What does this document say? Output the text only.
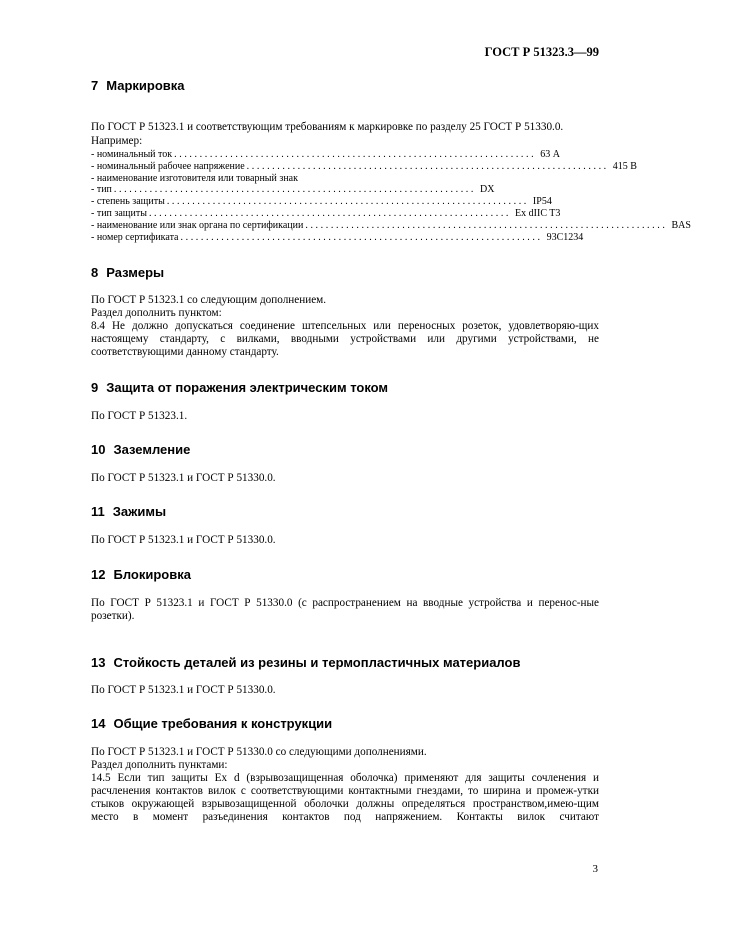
ГОСТ Р 51323.3—99
7 Маркировка

По ГОСТ Р 51323.1 и соответствующим требованиям к маркировке по разделу 25 ГОСТ Р 51330.0.

Например:

- номинальный ток ....................................................................... 63 А
- номинальный рабочее напряжение ....................................................................... 415 В
- наименование изготовителя или товарный знак
- тип ....................................................................... DX
- степень защиты ....................................................................... IP54
- тип защиты ....................................................................... Ex dIIC T3
- наименование или знак органа по сертификации ....................................................................... BAS
- номер сертификата ....................................................................... 93С1234
8 Размеры

По ГОСТ Р 51323.1 со следующим дополнением.

Раздел дополнить пунктом:

8.4 Не должно допускаться соединение штепсельных или переносных розеток, удовлетворяю-щих настоящему стандарту, с вилками, вводными устройствами или другими устройствами, не соответствующими данному стандарту.

9 Защита от поражения электрическим током

По ГОСТ Р 51323.1.

10 Заземление

По ГОСТ Р 51323.1 и ГОСТ Р 51330.0.

11 Зажимы

По ГОСТ Р 51323.1 и ГОСТ Р 51330.0.

12 Блокировка

По ГОСТ Р 51323.1 и ГОСТ Р 51330.0 (с распространением на вводные устройства и перенос-ные розетки).

13 Стойкость деталей из резины и термопластичных материалов

По ГОСТ Р 51323.1 и ГОСТ Р 51330.0.

14 Общие требования к конструкции

По ГОСТ Р 51323.1 и ГОСТ Р 51330.0 со следующими дополнениями.

Раздел дополнить пунктами:

14.5 Если тип защиты Ex d (взрывозащищенная оболочка) применяют для защиты сочленения и расчленения контактов вилок с соответствующими контактными гнездами, то ширина и промеж-утки стыков окружающей взрывозащищенной оболочки должны определяться пространством,имею-щим место в момент разъединения контактов под напряжением. Контакты вилок считают

3
